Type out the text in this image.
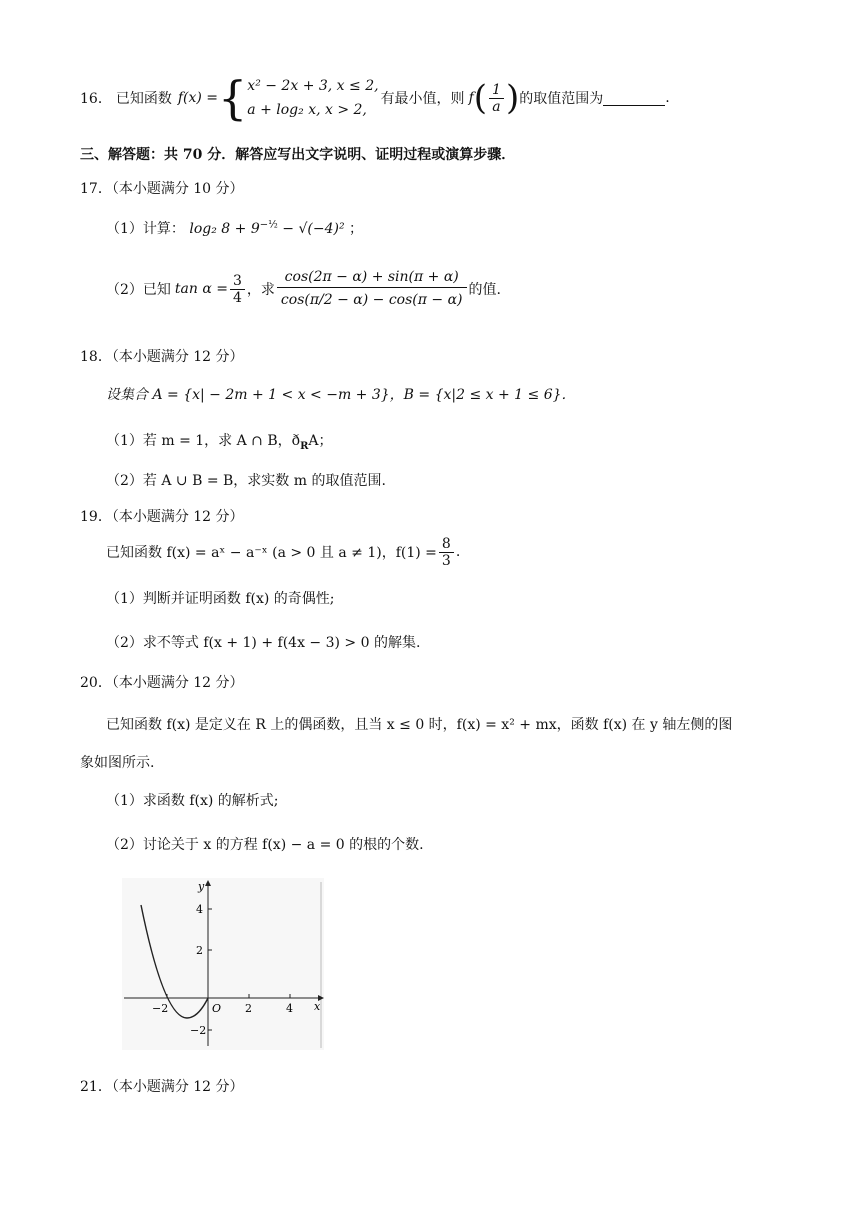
16． 已知函数 f(x) = { x² − 2x + 3, x ≤ 2,
a + log₂ x, x > 2,
有最小值，则 f ( $\frac{1}{a}$ ) 的取值范围为	.
三、解答题：共 70 分．解答应写出文字说明、证明过程或演算步骤．
17．（本小题满分 10 分）
（1）计算： log₂ $8 + 9^{-\frac{1}{2}} - √(-4)^2$ ；
（2）已知 $\tan \alpha = \frac{3}{4}$ ，求 $\frac{\cos(2\pi - \alpha) + \sin(\pi + \alpha)}{\cos(\pi/2 - \alpha) - \cos(\pi - \alpha)}$ 的值.
18．（本小题满分 12 分）
设集合 A = {x| − 2m + 1 < x < −m + 3}，B = {x|2 ≤ x + 1 ≤ 6}．
（1）若 m = 1，求 A ∩ B，$ð_RA$；
（2）若 A ∪ B = B，求实数 m 的取值范围.
19．（本小题满分 12 分）
已知函数 f(x) = aˣ − a⁻ˣ (a > 0 且 a ≠ 1)，$f(1) = \frac{8}{3}$ .
（1）判断并证明函数 f(x) 的奇偶性;
（2）求不等式 f(x + 1) + f(4x − 3) > 0 的解集.
20．（本小题满分 12 分）
已知函数 f(x) 是定义在 R 上的偶函数，且当 x ≤ 0 时，f(x) = x² + mx，函数 f(x) 在 y 轴左侧的图
象如图所示.
（1）求函数 f(x) 的解析式;
（2）讨论关于 x 的方程 f(x) − a = 0 的根的个数.
y
x
O
4
2
−2
−2	2	4
21．（本小题满分 12 分）
